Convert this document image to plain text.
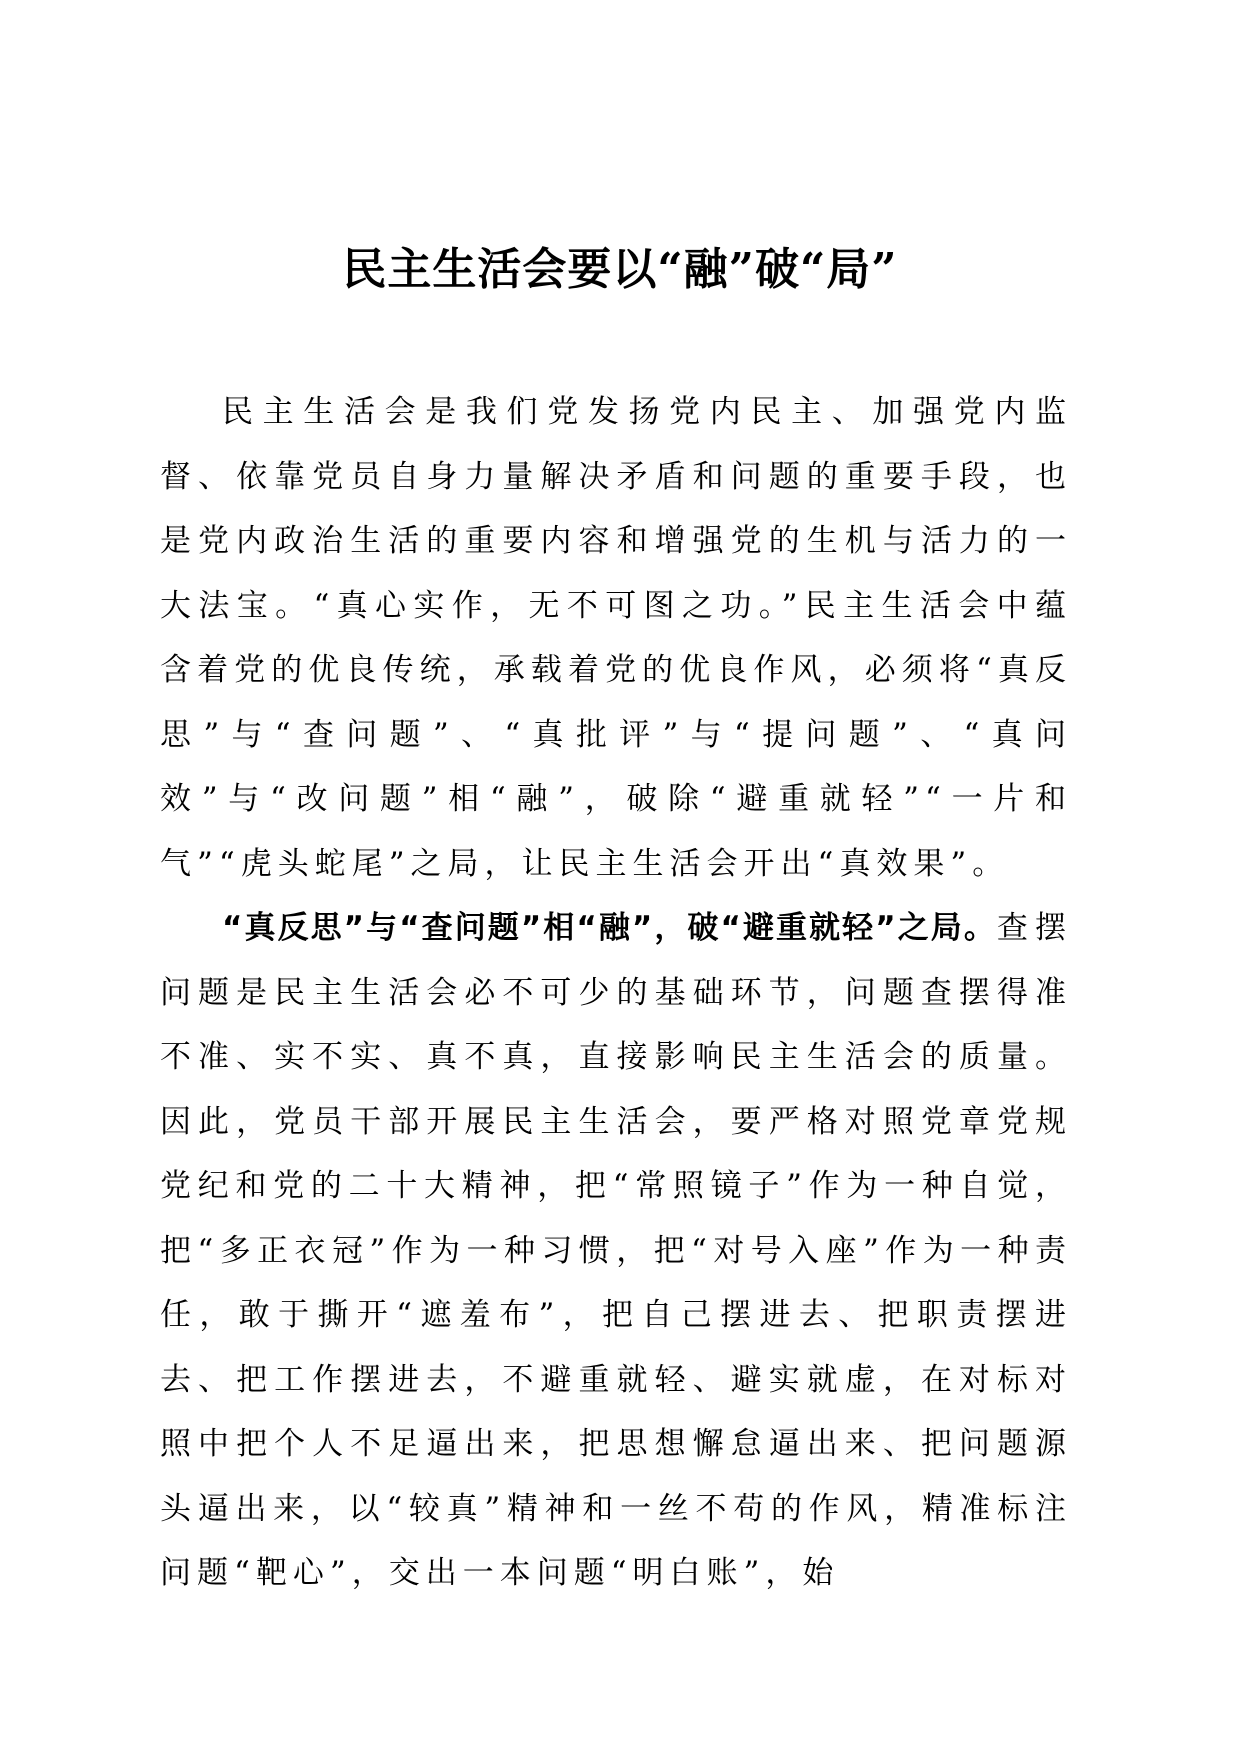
民主生活会要以“融”破“局”

民主生活会是我们党发扬党内民主、加强党内监督、依靠党员自身力量解决矛盾和问题的重要手段，也是党内政治生活的重要内容和增强党的生机与活力的一大法宝。“真心实作，无不可图之功。”民主生活会中蕴含着党的优良传统，承载着党的优良作风，必须将“真反思”与“查问题”、“真批评”与“提问题”、“真问效”与“改问题”相“融”，破除“避重就轻”“一片和气”“虎头蛇尾”之局，让民主生活会开出“真效果”。

“真反思”与“查问题”相“融”，破“避重就轻”之局。查摆问题是民主生活会必不可少的基础环节，问题查摆得准不准、实不实、真不真，直接影响民主生活会的质量。因此，党员干部开展民主生活会，要严格对照党章党规党纪和党的二十大精神，把“常照镜子”作为一种自觉，把“多正衣冠”作为一种习惯，把“对号入座”作为一种责任，敢于撕开“遮羞布”，把自己摆进去、把职责摆进去、把工作摆进去，不避重就轻、避实就虚，在对标对照中把个人不足逼出来，把思想懈怠逼出来、把问题源头逼出来，以“较真”精神和一丝不苟的作风，精准标注问题“靶心”，交出一本问题“明白账”，始
